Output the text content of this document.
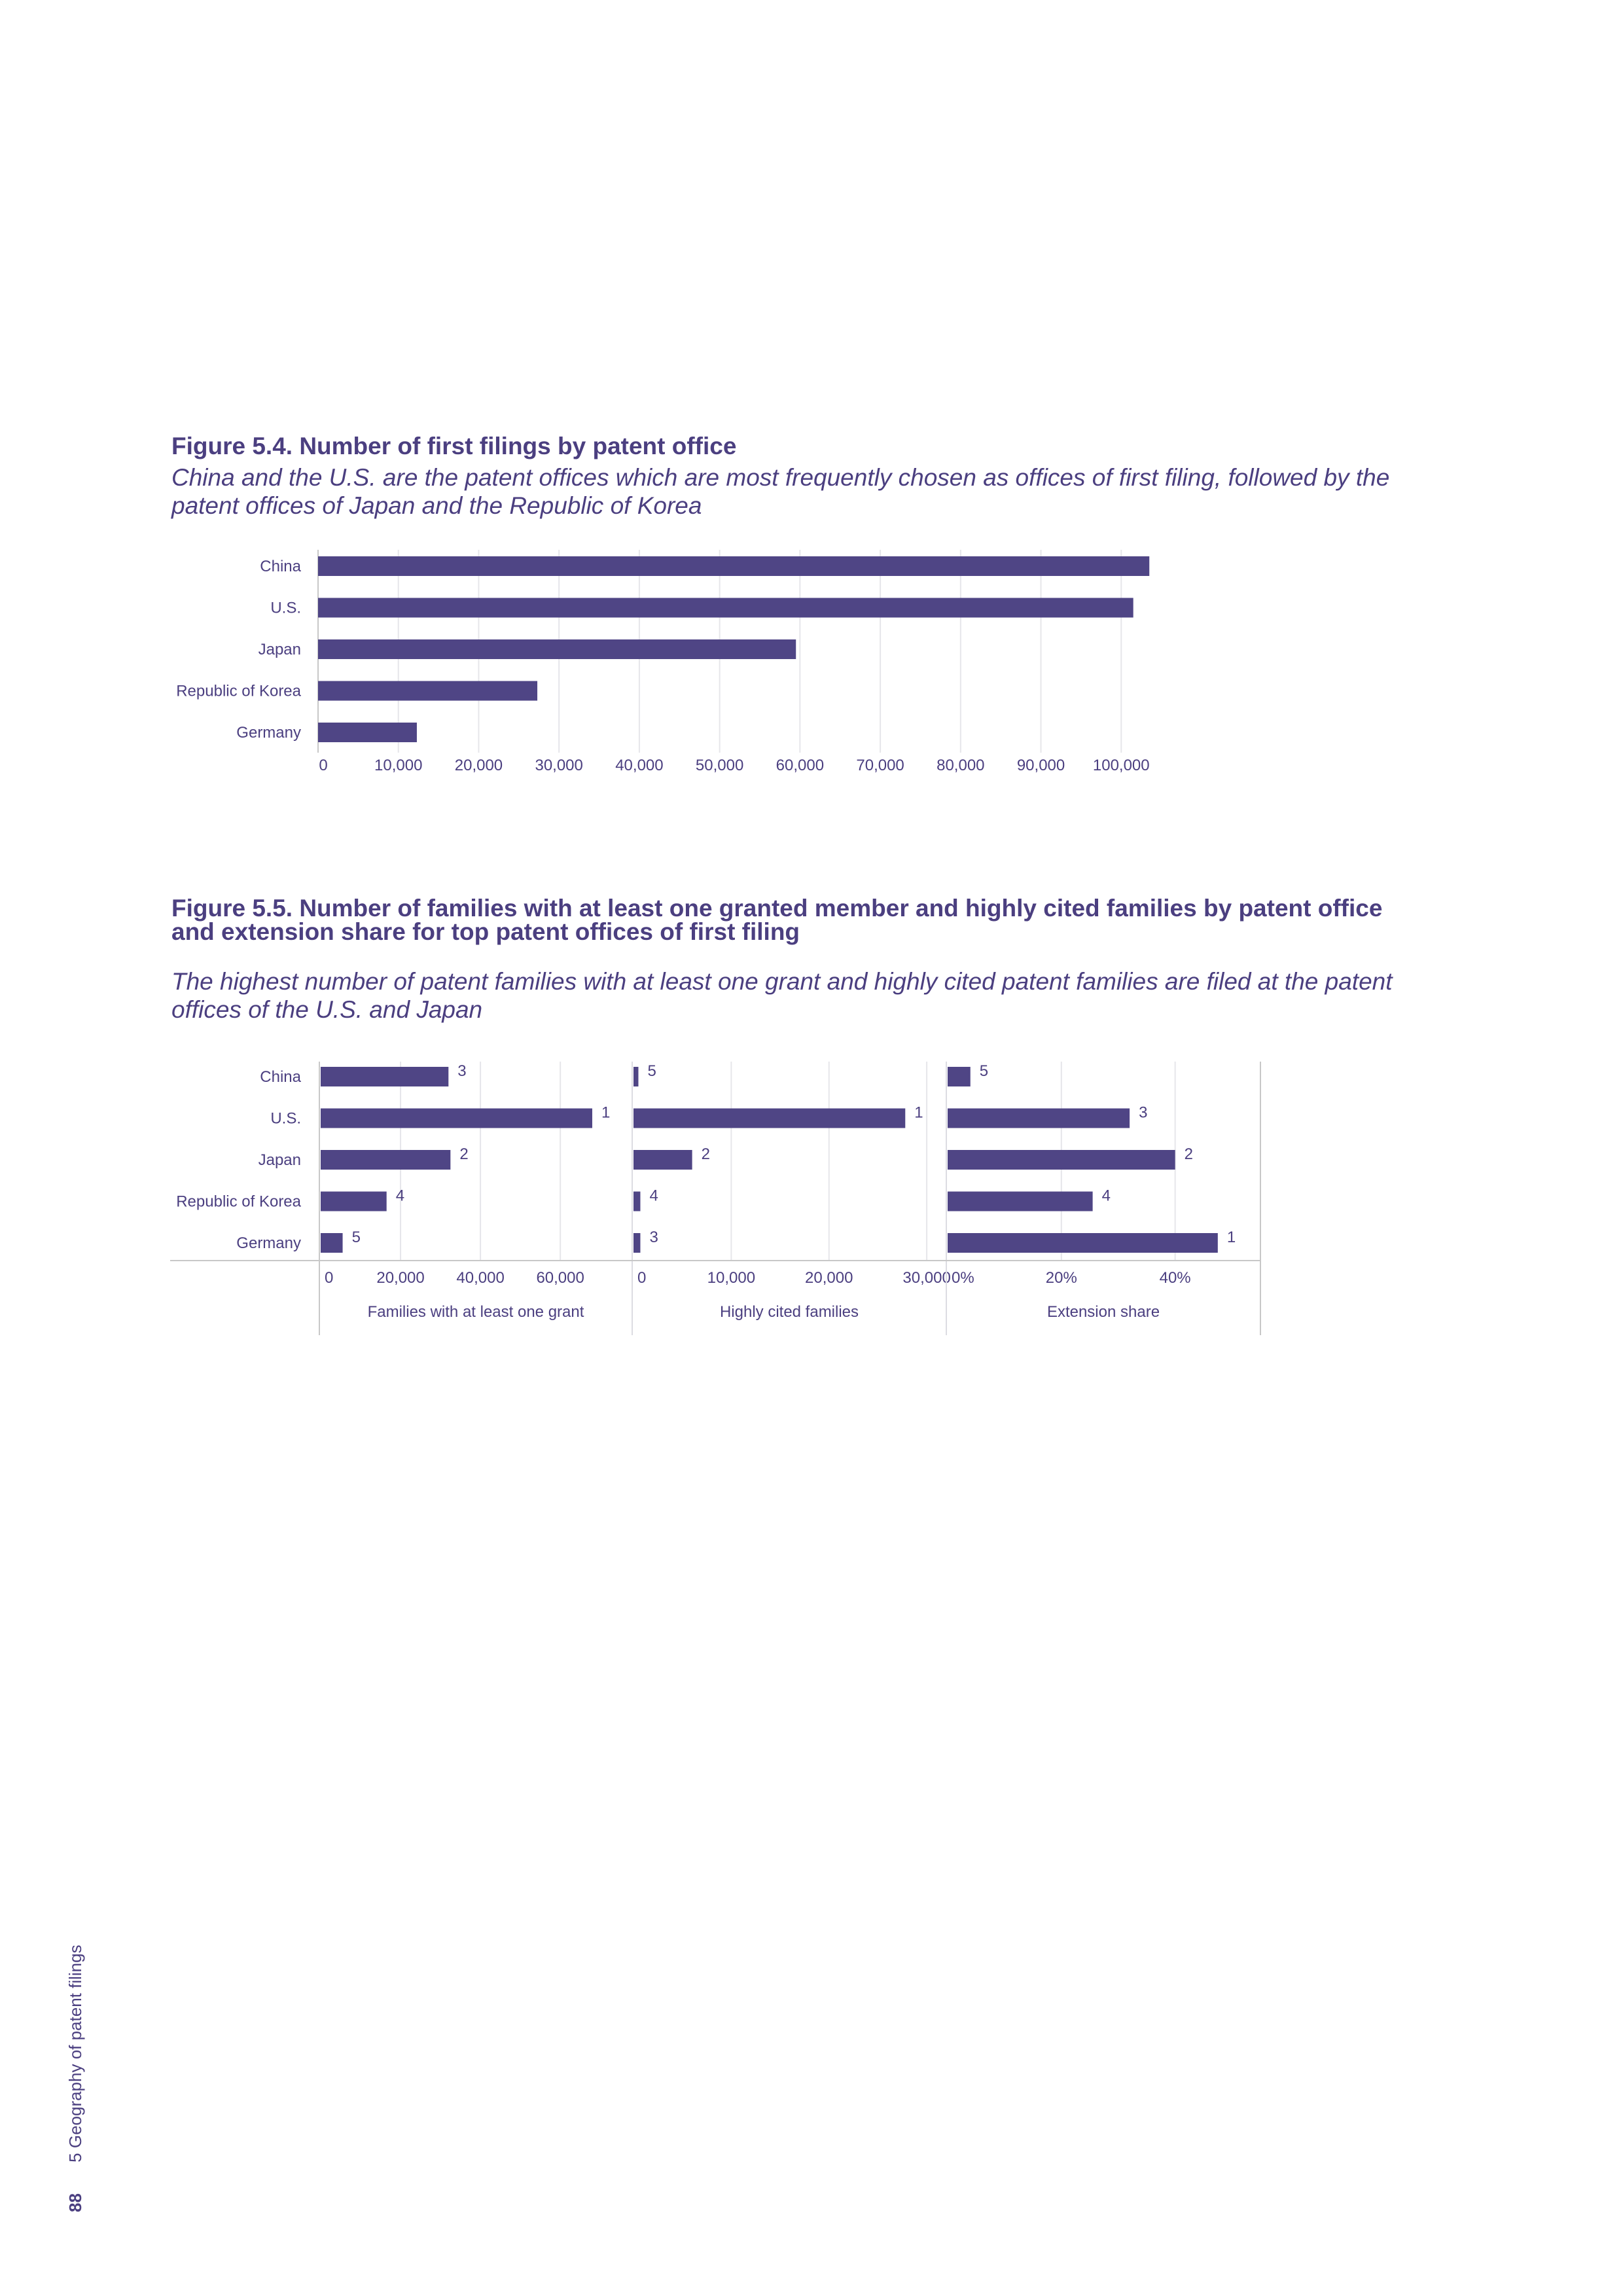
Figure 5.4. Number of first filings by patent office

China and the U.S. are the patent offices which are most frequently chosen as offices of first filing, followed by the patent offices of Japan and the Republic of Korea

0	10,000 20,000 30,000 40,000 50,000 60,000 70,000 80,000 90,000 100,000
China
U.S.
Japan
Republic of Korea
Germany
Figure 5.5. Number of families with at least one granted member and highly cited families by patent office and extension share for top patent offices of first filing

The highest number of patent families with at least one grant and highly cited patent families are filed at the patent offices of the U.S. and Japan

China
U.S.
Japan
Republic of Korea
Germany
0	20,000 40,000 60,000
Families with at least one grant
3
1
2
4
5
0	10,000	20,000	30,000
Highly cited families
5
1
2
4
3
0%	20%	40%
Extension share
5
3
2
4
1
88 5 Geography of patent filings
